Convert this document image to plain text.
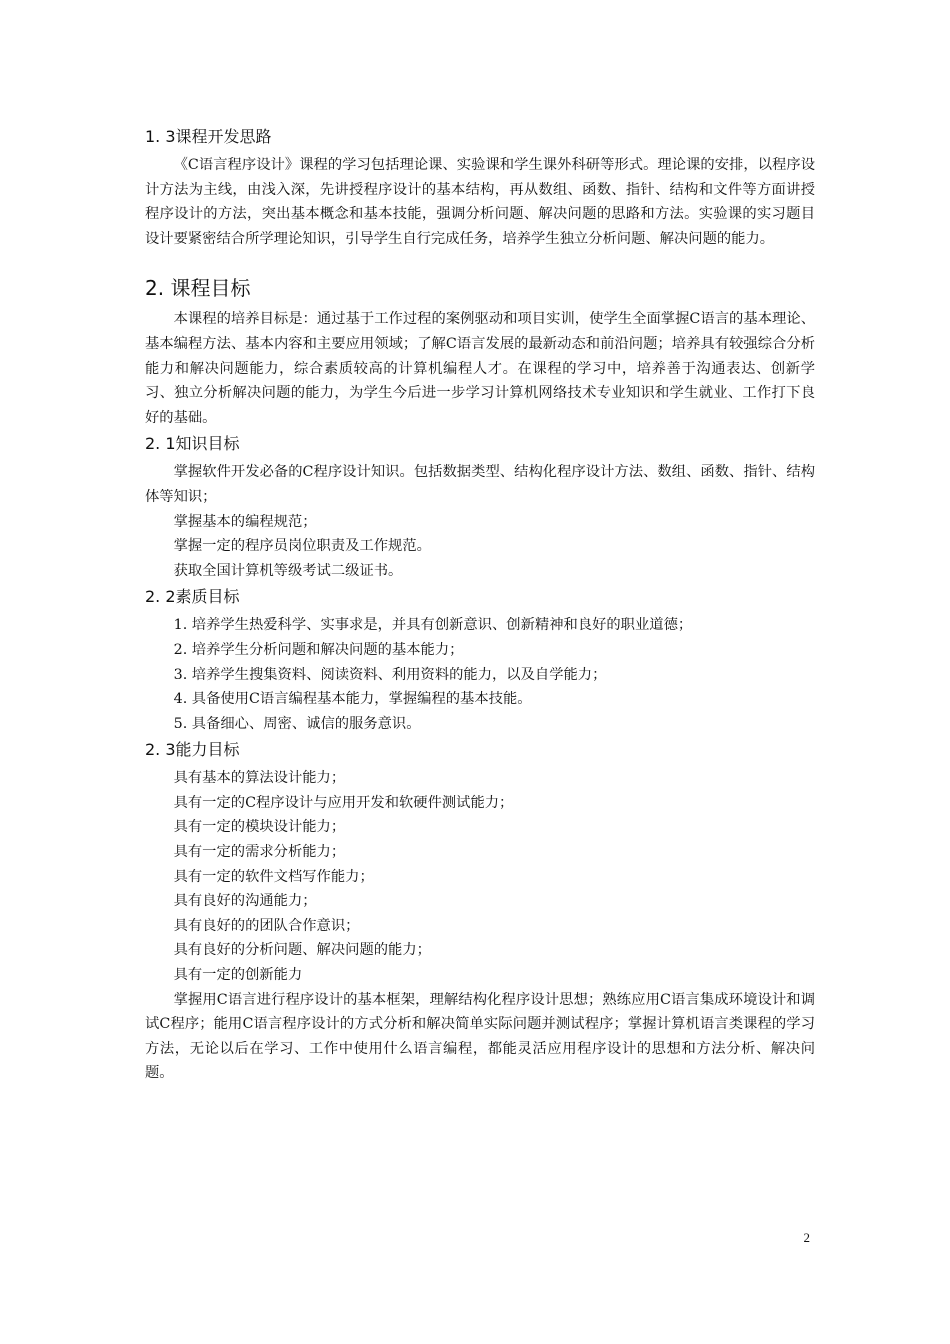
1. 3课程开发思路

《C语言程序设计》课程的学习包括理论课、实验课和学生课外科研等形式。理论课的安排，以程序设计方法为主线，由浅入深，先讲授程序设计的基本结构，再从数组、函数、指针、结构和文件等方面讲授程序设计的方法，突出基本概念和基本技能，强调分析问题、解决问题的思路和方法。实验课的实习题目设计要紧密结合所学理论知识，引导学生自行完成任务，培养学生独立分析问题、解决问题的能力。

2. 课程目标

本课程的培养目标是：通过基于工作过程的案例驱动和项目实训，使学生全面掌握C语言的基本理论、基本编程方法、基本内容和主要应用领域；了解C语言发展的最新动态和前沿问题；培养具有较强综合分析能力和解决问题能力，综合素质较高的计算机编程人才。在课程的学习中，培养善于沟通表达、创新学习、独立分析解决问题的能力，为学生今后进一步学习计算机网络技术专业知识和学生就业、工作打下良好的基础。

2. 1知识目标

掌握软件开发必备的C程序设计知识。包括数据类型、结构化程序设计方法、数组、函数、指针、结构体等知识；

掌握基本的编程规范；

掌握一定的程序员岗位职责及工作规范。

获取全国计算机等级考试二级证书。

2. 2素质目标

1. 培养学生热爱科学、实事求是，并具有创新意识、创新精神和良好的职业道德；

2. 培养学生分析问题和解决问题的基本能力；

3. 培养学生搜集资料、阅读资料、利用资料的能力，以及自学能力；

4. 具备使用C语言编程基本能力，掌握编程的基本技能。

5. 具备细心、周密、诚信的服务意识。

2. 3能力目标

具有基本的算法设计能力；

具有一定的C程序设计与应用开发和软硬件测试能力；

具有一定的模块设计能力；

具有一定的需求分析能力；

具有一定的软件文档写作能力；

具有良好的沟通能力；

具有良好的的团队合作意识；

具有良好的分析问题、解决问题的能力；

具有一定的创新能力

掌握用C语言进行程序设计的基本框架，理解结构化程序设计思想；熟练应用C语言集成环境设计和调试C程序；能用C语言程序设计的方式分析和解决简单实际问题并测试程序；掌握计算机语言类课程的学习方法，无论以后在学习、工作中使用什么语言编程，都能灵活应用程序设计的思想和方法分析、解决问题。

2
